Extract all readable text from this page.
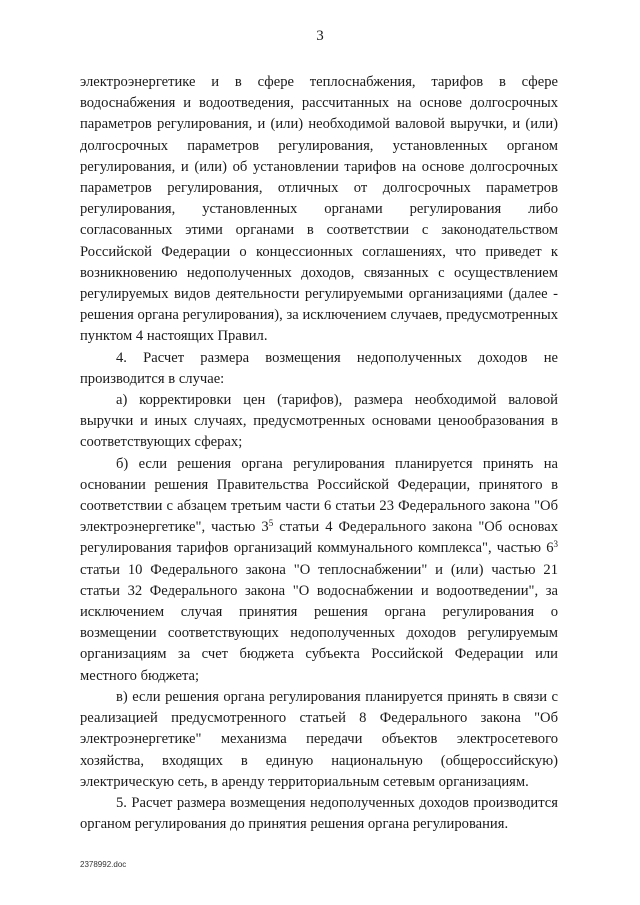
3

электроэнергетике и в сфере теплоснабжения, тарифов в сфере водоснабжения и водоотведения, рассчитанных на основе долгосрочных параметров регулирования, и (или) необходимой валовой выручки, и (или) долгосрочных параметров регулирования, установленных органом регулирования, и (или) об установлении тарифов на основе долгосрочных параметров регулирования, отличных от долгосрочных параметров регулирования, установленных органами регулирования либо согласованных этими органами в соответствии с законодательством Российской Федерации о концессионных соглашениях, что приведет к возникновению недополученных доходов, связанных с осуществлением регулируемых видов деятельности регулируемыми организациями (далее - решения органа регулирования), за исключением случаев, предусмотренных пунктом 4 настоящих Правил.

4. Расчет размера возмещения недополученных доходов не производится в случае:

а) корректировки цен (тарифов), размера необходимой валовой выручки и иных случаях, предусмотренных основами ценообразования в соответствующих сферах;

б) если решения органа регулирования планируется принять на основании решения Правительства Российской Федерации, принятого в соответствии с абзацем третьим части 6 статьи 23 Федерального закона "Об электроэнергетике", частью $3^5$ статьи 4 Федерального закона "Об основах регулирования тарифов организаций коммунального комплекса", частью $6^3$ статьи 10 Федерального закона "О теплоснабжении" и (или) частью 21 статьи 32 Федерального закона "О водоснабжении и водоотведении", за исключением случая принятия решения органа регулирования о возмещении соответствующих недополученных доходов регулируемым организациям за счет бюджета субъекта Российской Федерации или местного бюджета;

в) если решения органа регулирования планируется принять в связи с реализацией предусмотренного статьей 8 Федерального закона "Об электроэнергетике" механизма передачи объектов электросетевого хозяйства, входящих в единую национальную (общероссийскую) электрическую сеть, в аренду территориальным сетевым организациям.

5. Расчет размера возмещения недополученных доходов производится органом регулирования до принятия решения органа регулирования.

2378992.doc
